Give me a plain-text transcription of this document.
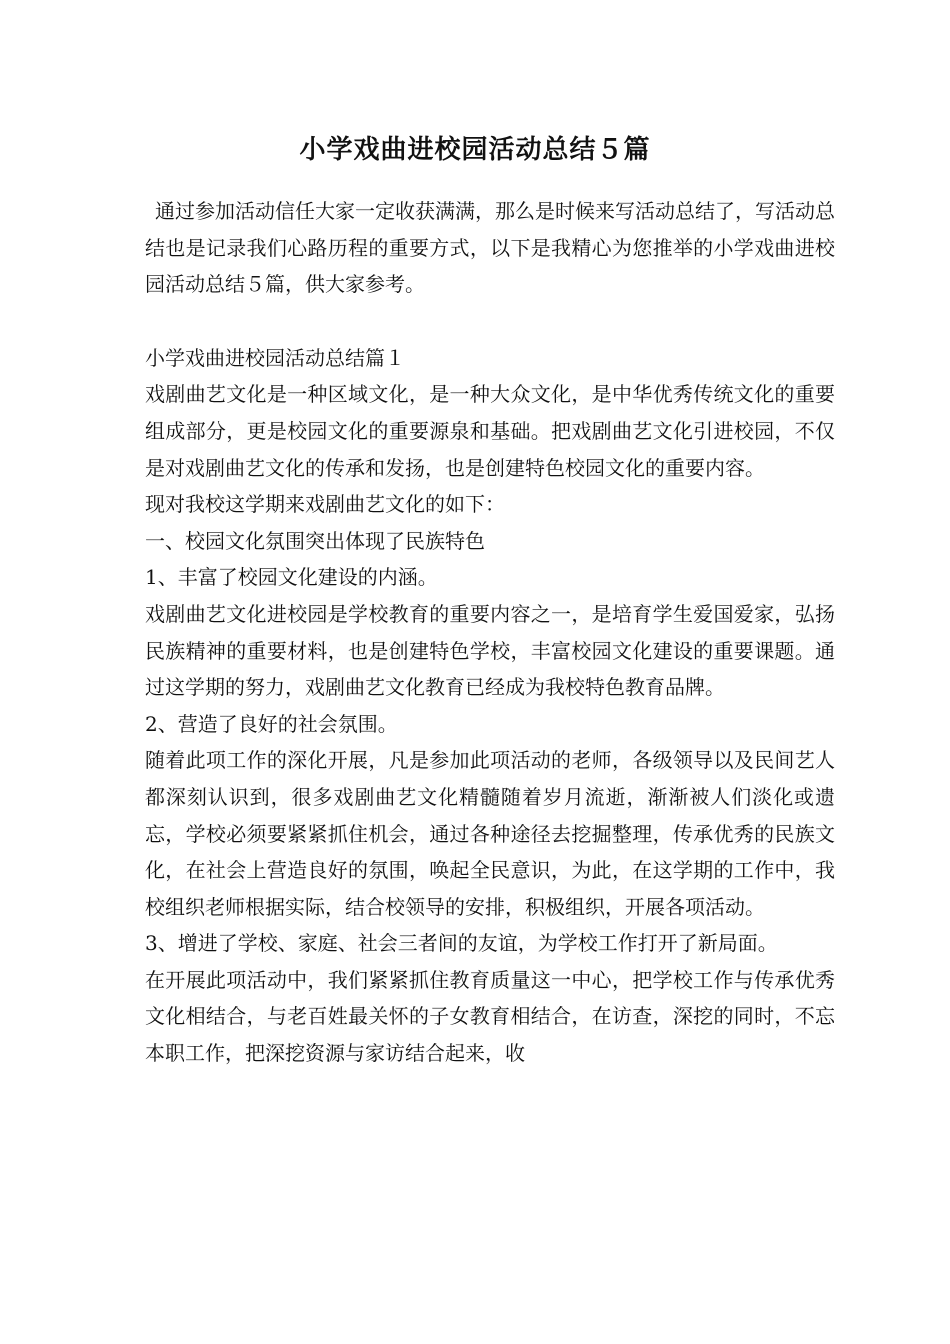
小学戏曲进校园活动总结５篇

通过参加活动信任大家一定收获满满，那么是时候来写活动总结了，写活动总结也是记录我们心路历程的重要方式，以下是我精心为您推举的小学戏曲进校园活动总结５篇，供大家参考。

小学戏曲进校园活动总结篇１

戏剧曲艺文化是一种区域文化，是一种大众文化，是中华优秀传统文化的重要组成部分，更是校园文化的重要源泉和基础。把戏剧曲艺文化引进校园，不仅是对戏剧曲艺文化的传承和发扬，也是创建特色校园文化的重要内容。

现对我校这学期来戏剧曲艺文化的如下：

一、校园文化氛围突出体现了民族特色

1、丰富了校园文化建设的内涵。

戏剧曲艺文化进校园是学校教育的重要内容之一，是培育学生爱国爱家，弘扬民族精神的重要材料，也是创建特色学校，丰富校园文化建设的重要课题。通过这学期的努力，戏剧曲艺文化教育已经成为我校特色教育品牌。

2、营造了良好的社会氛围。

随着此项工作的深化开展，凡是参加此项活动的老师，各级领导以及民间艺人都深刻认识到，很多戏剧曲艺文化精髓随着岁月流逝，渐渐被人们淡化或遗忘，学校必须要紧紧抓住机会，通过各种途径去挖掘整理，传承优秀的民族文化，在社会上营造良好的氛围，唤起全民意识，为此，在这学期的工作中，我校组织老师根据实际，结合校领导的安排，积极组织，开展各项活动。

3、增进了学校、家庭、社会三者间的友谊，为学校工作打开了新局面。

在开展此项活动中，我们紧紧抓住教育质量这一中心，把学校工作与传承优秀文化相结合，与老百姓最关怀的子女教育相结合，在访查，深挖的同时，不忘本职工作，把深挖资源与家访结合起来，收
